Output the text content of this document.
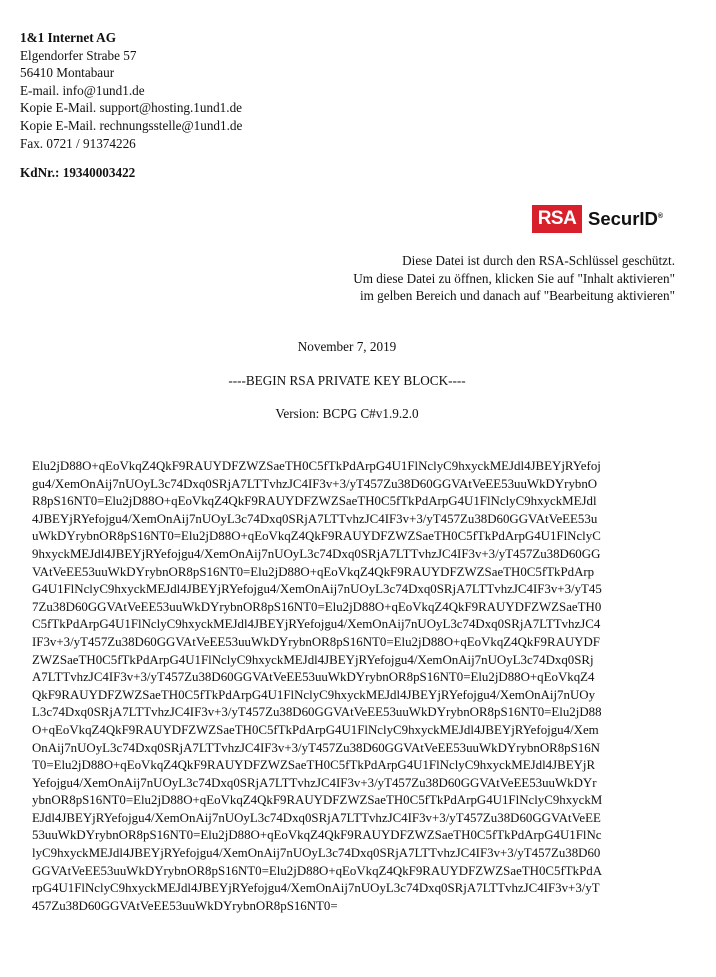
1&1 Internet AG
Elgendorfer Strabe 57
56410 Montabaur
E-mail. info@1und1.de
Kopie E-Mail. support@hosting.1und1.de
Kopie E-Mail. rechnungsstelle@1und1.de
Fax. 0721 / 91374226
KdNr.: 19340003422
RSA SecurID®
Diese Datei ist durch den RSA-Schlüssel geschützt.
Um diese Datei zu öffnen, klicken Sie auf "Inhalt aktivieren"
im gelben Bereich und danach auf "Bearbeitung aktivieren"
November 7, 2019
----BEGIN RSA PRIVATE KEY BLOCK----
Version: BCPG C#v1.9.2.0
Elu2jD88O+qEoVkqZ4QkF9RAUYDFZWZSaeTH0C5fTkPdArpG4U1FlNclyC9hxyckMEJdl4JBEYjRYefoj
gu4/XemOnAij7nUOyL3c74Dxq0SRjA7LTTvhzJC4IF3v+3/yT457Zu38D60GGVAtVeEE53uuWkDYrybnO
R8pS16NT0=Elu2jD88O+qEoVkqZ4QkF9RAUYDFZWZSaeTH0C5fTkPdArpG4U1FlNclyC9hxyckMEJdl
4JBEYjRYefojgu4/XemOnAij7nUOyL3c74Dxq0SRjA7LTTvhzJC4IF3v+3/yT457Zu38D60GGVAtVeEE53u
uWkDYrybnOR8pS16NT0=Elu2jD88O+qEoVkqZ4QkF9RAUYDFZWZSaeTH0C5fTkPdArpG4U1FlNclyC
9hxyckMEJdl4JBEYjRYefojgu4/XemOnAij7nUOyL3c74Dxq0SRjA7LTTvhzJC4IF3v+3/yT457Zu38D60GG
VAtVeEE53uuWkDYrybnOR8pS16NT0=Elu2jD88O+qEoVkqZ4QkF9RAUYDFZWZSaeTH0C5fTkPdArp
G4U1FlNclyC9hxyckMEJdl4JBEYjRYefojgu4/XemOnAij7nUOyL3c74Dxq0SRjA7LTTvhzJC4IF3v+3/yT45
7Zu38D60GGVAtVeEE53uuWkDYrybnOR8pS16NT0=Elu2jD88O+qEoVkqZ4QkF9RAUYDFZWZSaeTH0
C5fTkPdArpG4U1FlNclyC9hxyckMEJdl4JBEYjRYefojgu4/XemOnAij7nUOyL3c74Dxq0SRjA7LTTvhzJC4
IF3v+3/yT457Zu38D60GGVAtVeEE53uuWkDYrybnOR8pS16NT0=Elu2jD88O+qEoVkqZ4QkF9RAUYDF
ZWZSaeTH0C5fTkPdArpG4U1FlNclyC9hxyckMEJdl4JBEYjRYefojgu4/XemOnAij7nUOyL3c74Dxq0SRj
A7LTTvhzJC4IF3v+3/yT457Zu38D60GGVAtVeEE53uuWkDYrybnOR8pS16NT0=Elu2jD88O+qEoVkqZ4
QkF9RAUYDFZWZSaeTH0C5fTkPdArpG4U1FlNclyC9hxyckMEJdl4JBEYjRYefojgu4/XemOnAij7nUOy
L3c74Dxq0SRjA7LTTvhzJC4IF3v+3/yT457Zu38D60GGVAtVeEE53uuWkDYrybnOR8pS16NT0=Elu2jD88
O+qEoVkqZ4QkF9RAUYDFZWZSaeTH0C5fTkPdArpG4U1FlNclyC9hxyckMEJdl4JBEYjRYefojgu4/Xem
OnAij7nUOyL3c74Dxq0SRjA7LTTvhzJC4IF3v+3/yT457Zu38D60GGVAtVeEE53uuWkDYrybnOR8pS16N
T0=Elu2jD88O+qEoVkqZ4QkF9RAUYDFZWZSaeTH0C5fTkPdArpG4U1FlNclyC9hxyckMEJdl4JBEYjR
Yefojgu4/XemOnAij7nUOyL3c74Dxq0SRjA7LTTvhzJC4IF3v+3/yT457Zu38D60GGVAtVeEE53uuWkDYr
ybnOR8pS16NT0=Elu2jD88O+qEoVkqZ4QkF9RAUYDFZWZSaeTH0C5fTkPdArpG4U1FlNclyC9hxyckM
EJdl4JBEYjRYefojgu4/XemOnAij7nUOyL3c74Dxq0SRjA7LTTvhzJC4IF3v+3/yT457Zu38D60GGVAtVeEE
53uuWkDYrybnOR8pS16NT0=Elu2jD88O+qEoVkqZ4QkF9RAUYDFZWZSaeTH0C5fTkPdArpG4U1FlNc
lyC9hxyckMEJdl4JBEYjRYefojgu4/XemOnAij7nUOyL3c74Dxq0SRjA7LTTvhzJC4IF3v+3/yT457Zu38D60
GGVAtVeEE53uuWkDYrybnOR8pS16NT0=Elu2jD88O+qEoVkqZ4QkF9RAUYDFZWZSaeTH0C5fTkPdA
rpG4U1FlNclyC9hxyckMEJdl4JBEYjRYefojgu4/XemOnAij7nUOyL3c74Dxq0SRjA7LTTvhzJC4IF3v+3/yT
457Zu38D60GGVAtVeEE53uuWkDYrybnOR8pS16NT0=
